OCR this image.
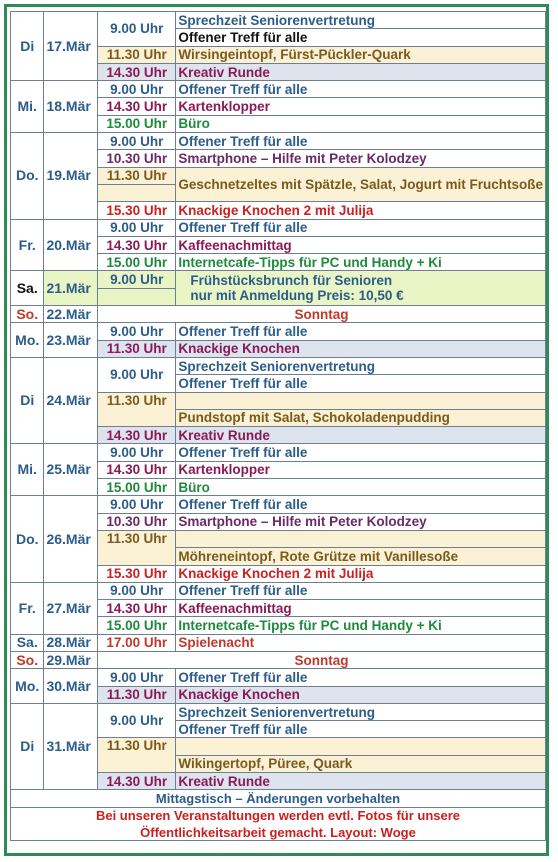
Di	17.Mär	9.00 Uhr	Sprechzeit Seniorenvertretung
			Offener Treff für alle
		11.30 Uhr	Wirsingeintopf, Fürst-Pückler-Quark
		14.30 Uhr	Kreativ Runde
Mi.	18.Mär	9.00 Uhr	Offener Treff für alle
		14.30 Uhr	Kartenklopper
		15.00 Uhr	Büro
Do.	19.Mär	9.00 Uhr	Offener Treff für alle
		10.30 Uhr	Smartphone – Hilfe mit Peter Kolodzey
		11.30 Uhr	Geschnetzeltes mit Spätzle, Salat, Jogurt mit Fruchtsoße

		15.30 Uhr	Knackige Knochen 2 mit Julija
Fr.	20.Mär	9.00 Uhr	Offener Treff für alle
		14.30 Uhr	Kaffeenachmittag
		15.00 Uhr	Internetcafe-Tipps für PC und Handy + Ki
Sa.	21.Mär	9.00 Uhr	Frühstücksbrunch für Senioren
nur mit Anmeldung Preis: 10,50 €

So.	22.Mär	Sonntag	
Mo.	23.Mär	9.00 Uhr	Offener Treff für alle
		11.30 Uhr	Knackige Knochen
Di	24.Mär	9.00 Uhr	Sprechzeit Seniorenvertretung
			Offener Treff für alle
		11.30 Uhr	
			Pundstopf mit Salat, Schokoladenpudding
		14.30 Uhr	Kreativ Runde
Mi.	25.Mär	9.00 Uhr	Offener Treff für alle
		14.30 Uhr	Kartenklopper
		15.00 Uhr	Büro
Do.	26.Mär	9.00 Uhr	Offener Treff für alle
		10.30 Uhr	Smartphone – Hilfe mit Peter Kolodzey
		11.30 Uhr	
			Möhreneintopf, Rote Grütze mit Vanillesoße
		15.30 Uhr	Knackige Knochen 2 mit Julija
Fr.	27.Mär	9.00 Uhr	Offener Treff für alle
		14.30 Uhr	Kaffeenachmittag
		15.00 Uhr	Internetcafe-Tipps für PC und Handy + Ki
Sa.	28.Mär	17.00 Uhr	Spielenacht
So.	29.Mär	Sonntag	
Mo.	30.Mär	9.00 Uhr	Offener Treff für alle
		11.30 Uhr	Knackige Knochen
Di	31.Mär	9.00 Uhr	Sprechzeit Seniorenvertretung
			Offener Treff für alle
		11.30 Uhr	
			Wikingertopf, Püree, Quark
		14.30 Uhr	Kreativ Runde
Mittagstisch – Änderungen vorbehalten			
Bei unseren Veranstaltungen werden evtl. Fotos für unsere			
Öffentlichkeitsarbeit gemacht. Layout: Woge			
